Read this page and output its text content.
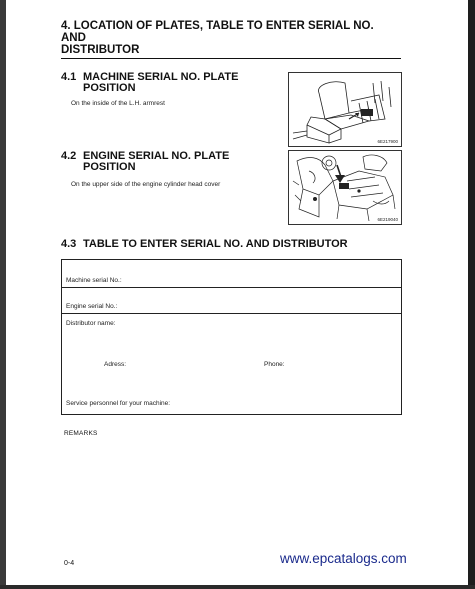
4. LOCATION OF PLATES, TABLE TO ENTER SERIAL NO. AND
DISTRIBUTOR
4.1 MACHINE SERIAL NO. PLATE
POSITION
On the inside of the L.H. armrest
6E217900
4.2 ENGINE SERIAL NO. PLATE
POSITION
On the upper side of the engine cylinder head cover
6E219040
4.3 TABLE TO ENTER SERIAL NO. AND DISTRIBUTOR
Machine serial No.:
Engine serial No.:
Distributor name:
Adress:	Phone:
Service personnel for your machine:
REMARKS
0-4	www.epcatalogs.com
